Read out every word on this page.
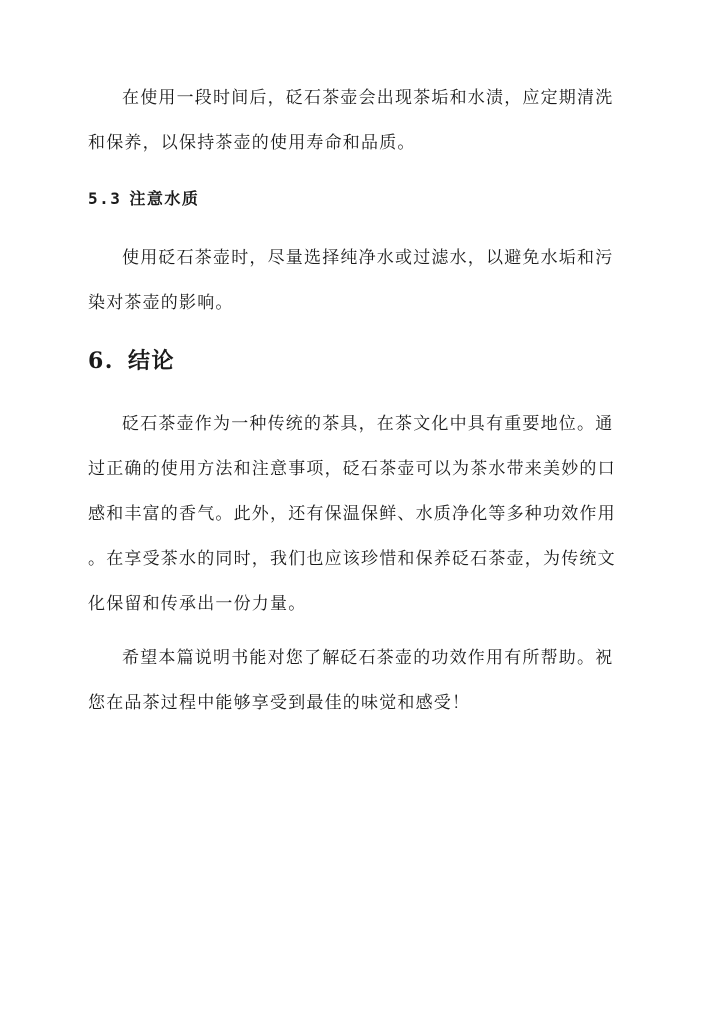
在使用一段时间后，砭石茶壶会出现茶垢和水渍，应定期清洗
和保养，以保持茶壶的使用寿命和品质。

5.3 注意水质

使用砭石茶壶时，尽量选择纯净水或过滤水，以避免水垢和污
染对茶壶的影响。

6. 结论

砭石茶壶作为一种传统的茶具，在茶文化中具有重要地位。通
过正确的使用方法和注意事项，砭石茶壶可以为茶水带来美妙的口
感和丰富的香气。此外，还有保温保鲜、水质净化等多种功效作用
。在享受茶水的同时，我们也应该珍惜和保养砭石茶壶，为传统文
化保留和传承出一份力量。

希望本篇说明书能对您了解砭石茶壶的功效作用有所帮助。祝
您在品茶过程中能够享受到最佳的味觉和感受！
